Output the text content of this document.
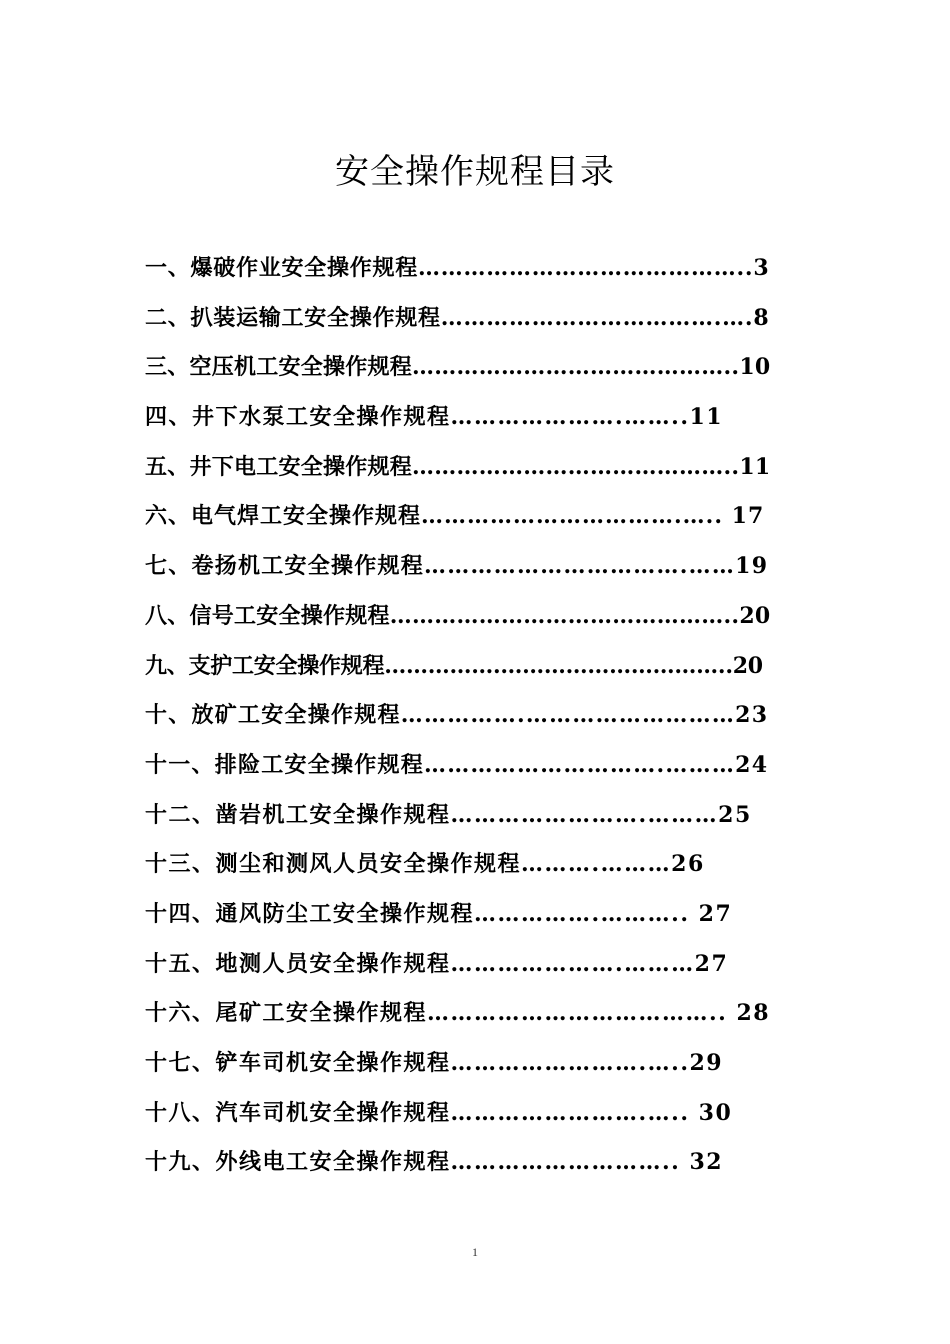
安全操作规程目录
一、爆破作业安全操作规程……………………………………..3
二、扒装运输工安全操作规程……………………………….….8
三、空压机工安全操作规程……………………………………..10
四、井下水泵工安全操作规程………………….……..11
五、井下电工安全操作规程……………………………………..11
六、电气焊工安全操作规程…………………………….….. 17
七、卷扬机工安全操作规程…………………………….……19
八、信号工安全操作规程………………………………………..20
九、支护工安全操作规程…………….…………………………..20
十、放矿工安全操作规程…………….………………………23
十一、排险工安全操作规程………………………….………24
十二、凿岩机工安全操作规程…………………….………25
十三、测尘和测风人员安全操作规程……….………26
十四、通风防尘工安全操作规程…………….……….. 27
十五、地测人员安全操作规程………………….………27
十六、尾矿工安全操作规程……………………………….. 28
十七、铲车司机安全操作规程…………………….…..29
十八、汽车司机安全操作规程…………………….….. 30
十九、外线电工安全操作规程……………………….. 32
1
